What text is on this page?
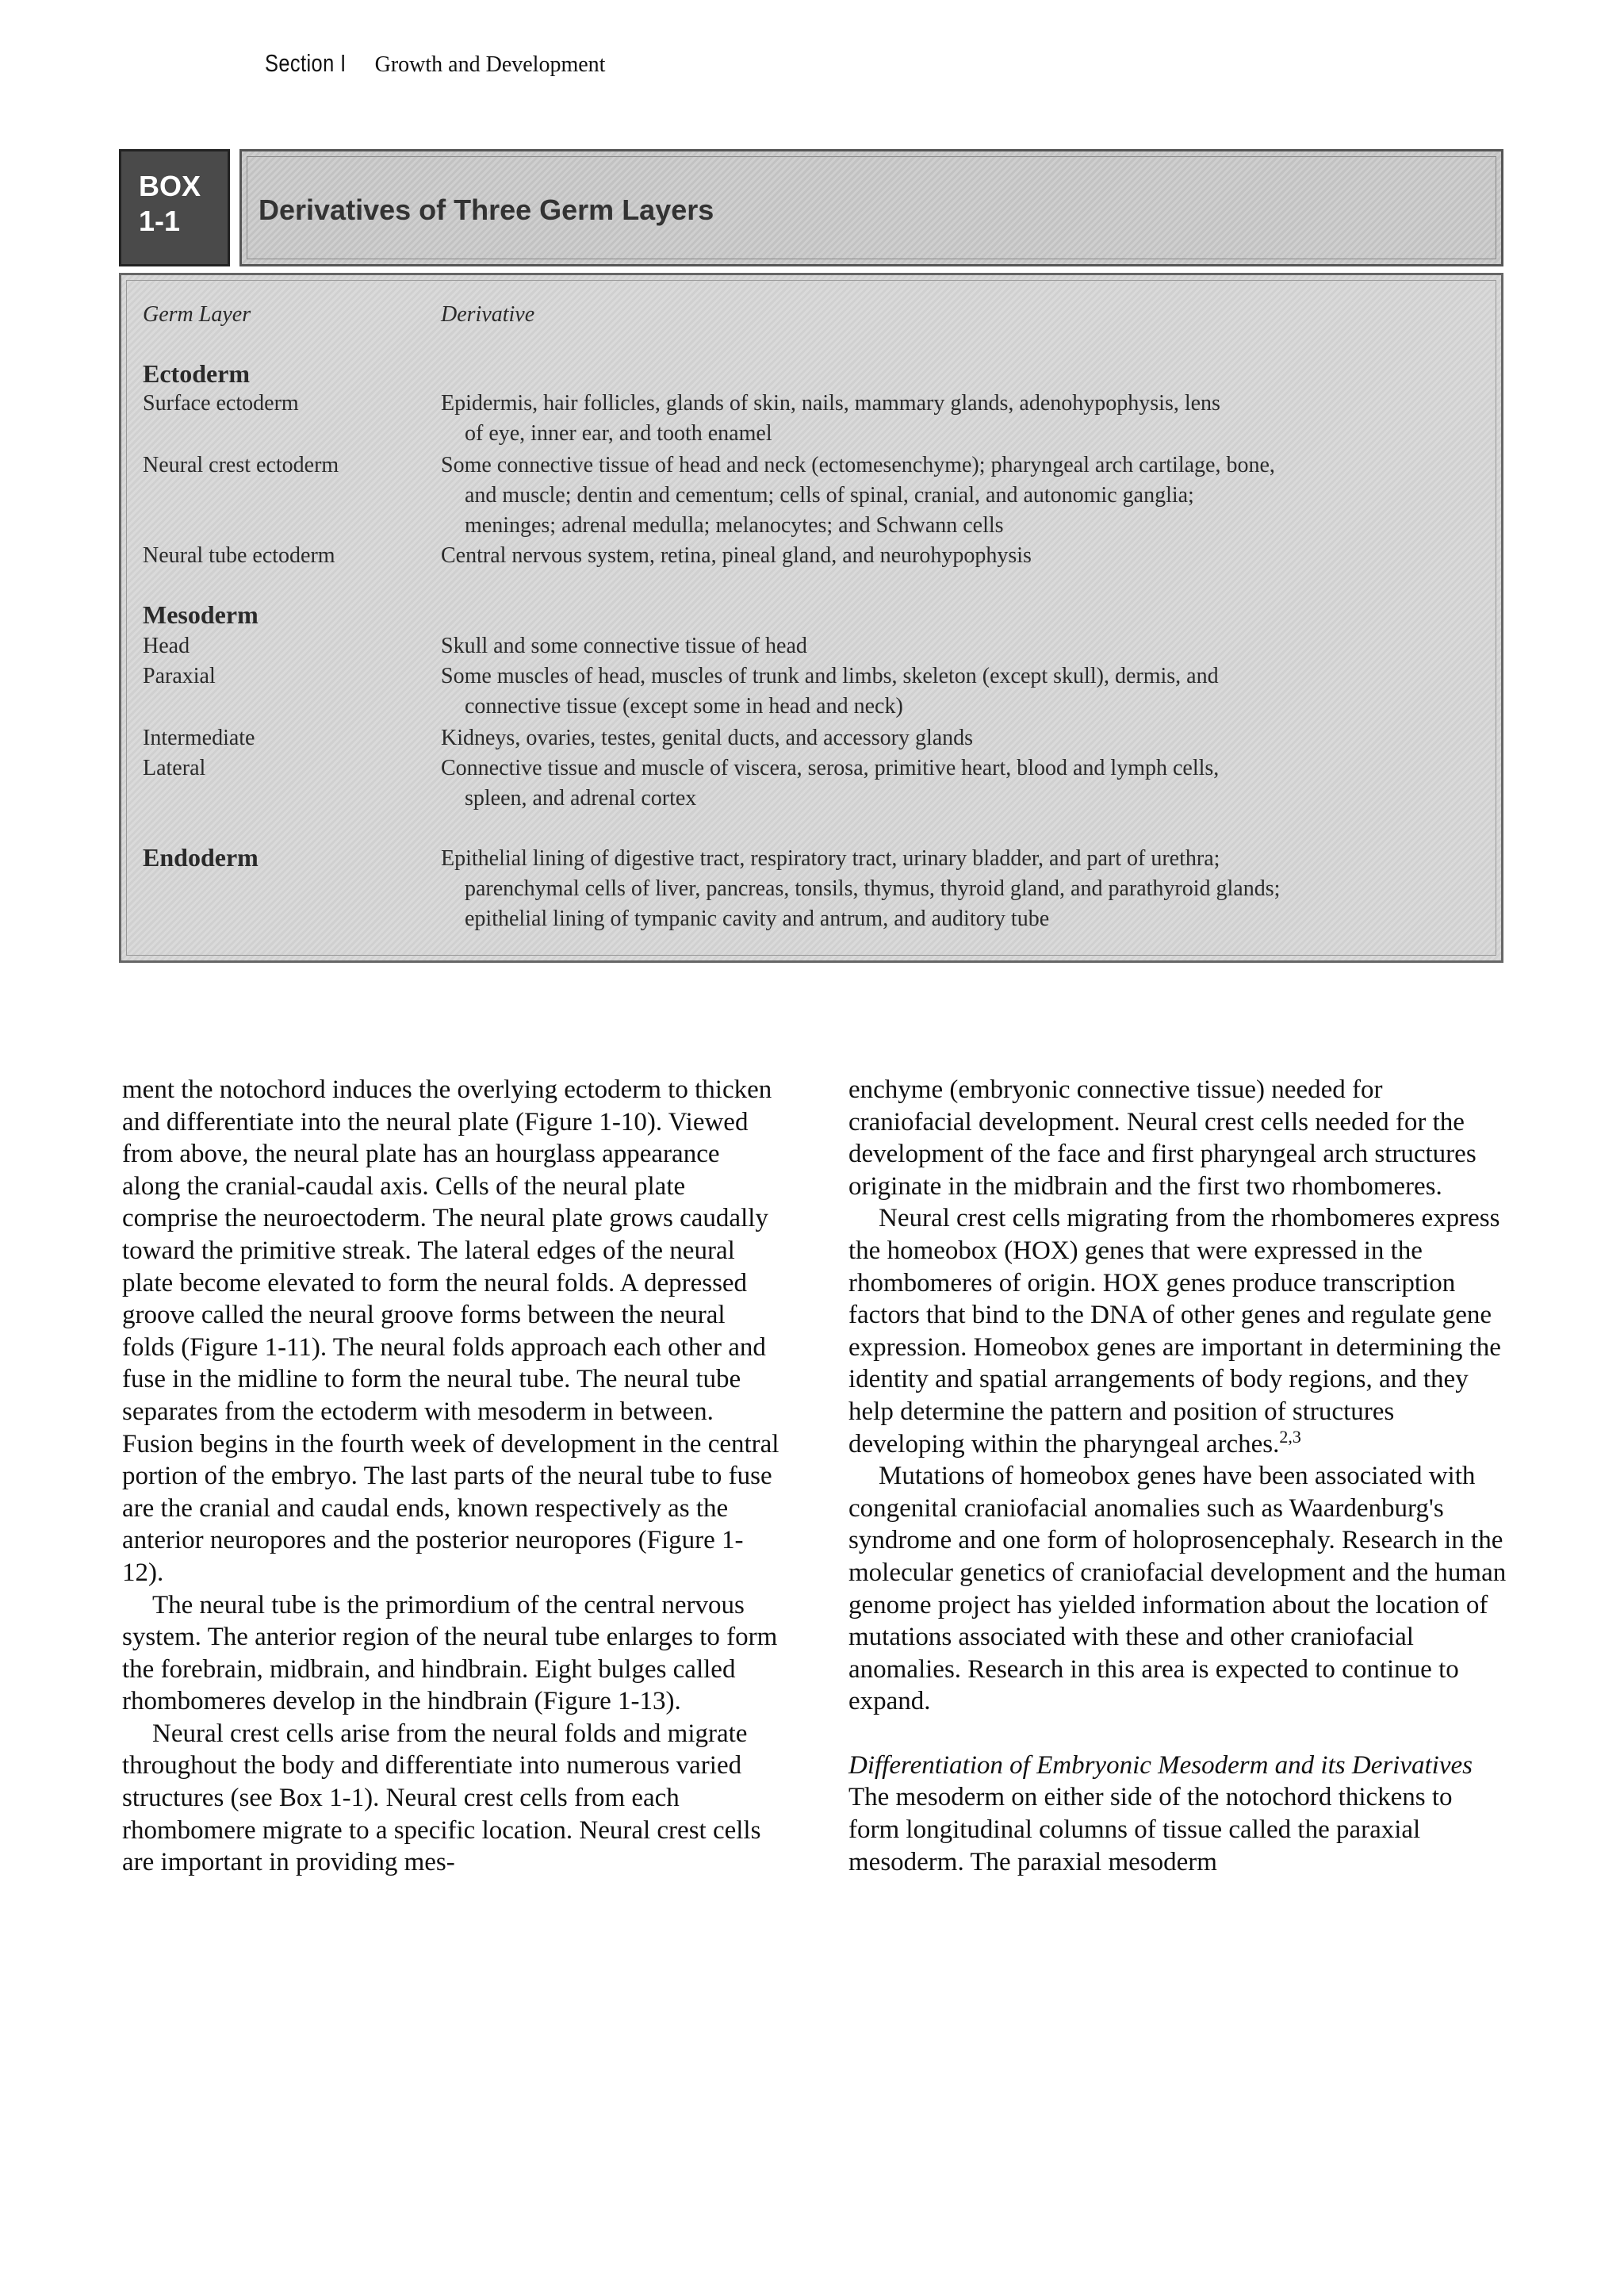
Section I Growth and Development
BOX
1-1	Derivatives of Three Germ Layers
Germ Layer	Derivative
Ectoderm
Surface ectoderm	Epidermis, hair follicles, glands of skin, nails, mammary glands, adenohypophysis, lens
of eye, inner ear, and tooth enamel
Neural crest ectoderm	Some connective tissue of head and neck (ectomesenchyme); pharyngeal arch cartilage, bone,
and muscle; dentin and cementum; cells of spinal, cranial, and autonomic ganglia;
meninges; adrenal medulla; melanocytes; and Schwann cells
Neural tube ectoderm	Central nervous system, retina, pineal gland, and neurohypophysis
Mesoderm
Head	Skull and some connective tissue of head
Paraxial	Some muscles of head, muscles of trunk and limbs, skeleton (except skull), dermis, and
connective tissue (except some in head and neck)
Intermediate	Kidneys, ovaries, testes, genital ducts, and accessory glands
Lateral	Connective tissue and muscle of viscera, serosa, primitive heart, blood and lymph cells,
spleen, and adrenal cortex
Endoderm	Epithelial lining of digestive tract, respiratory tract, urinary bladder, and part of urethra;
parenchymal cells of liver, pancreas, tonsils, thymus, thyroid gland, and parathyroid glands;
epithelial lining of tympanic cavity and antrum, and auditory tube

ment the notochord induces the overlying ectoderm to thicken and differentiate into the neural plate (Figure 1-10). Viewed from above, the neural plate has an hourglass appearance along the cranial-caudal axis. Cells of the neural plate comprise the neuroectoderm. The neural plate grows caudally toward the primitive streak. The lateral edges of the neural plate become elevated to form the neural folds. A depressed groove called the neural groove forms between the neural folds (Figure 1-11). The neural folds approach each other and fuse in the midline to form the neural tube. The neural tube separates from the ectoderm with mesoderm in between. Fusion begins in the fourth week of development in the central portion of the embryo. The last parts of the neural tube to fuse are the cranial and caudal ends, known respectively as the anterior neuropores and the posterior neuropores (Figure 1-12).

The neural tube is the primordium of the central nervous system. The anterior region of the neural tube enlarges to form the forebrain, midbrain, and hindbrain. Eight bulges called rhombomeres develop in the hindbrain (Figure 1-13).

Neural crest cells arise from the neural folds and migrate throughout the body and differentiate into numerous varied structures (see Box 1-1). Neural crest cells from each rhombomere migrate to a specific location. Neural crest cells are important in providing mes-

enchyme (embryonic connective tissue) needed for craniofacial development. Neural crest cells needed for the development of the face and first pharyngeal arch structures originate in the midbrain and the first two rhombomeres.

Neural crest cells migrating from the rhombomeres express the homeobox (HOX) genes that were expressed in the rhombomeres of origin. HOX genes produce transcription factors that bind to the DNA of other genes and regulate gene expression. Homeobox genes are important in determining the identity and spatial arrangements of body regions, and they help determine the pattern and position of structures developing within the pharyngeal arches.$^{2,3}$

Mutations of homeobox genes have been associated with congenital craniofacial anomalies such as Waardenburg's syndrome and one form of holoprosencephaly. Research in the molecular genetics of craniofacial development and the human genome project has yielded information about the location of mutations associated with these and other craniofacial anomalies. Research in this area is expected to continue to expand.

Differentiation of Embryonic Mesoderm and its Derivatives The mesoderm on either side of the notochord thickens to form longitudinal columns of tissue called the paraxial mesoderm. The paraxial mesoderm
